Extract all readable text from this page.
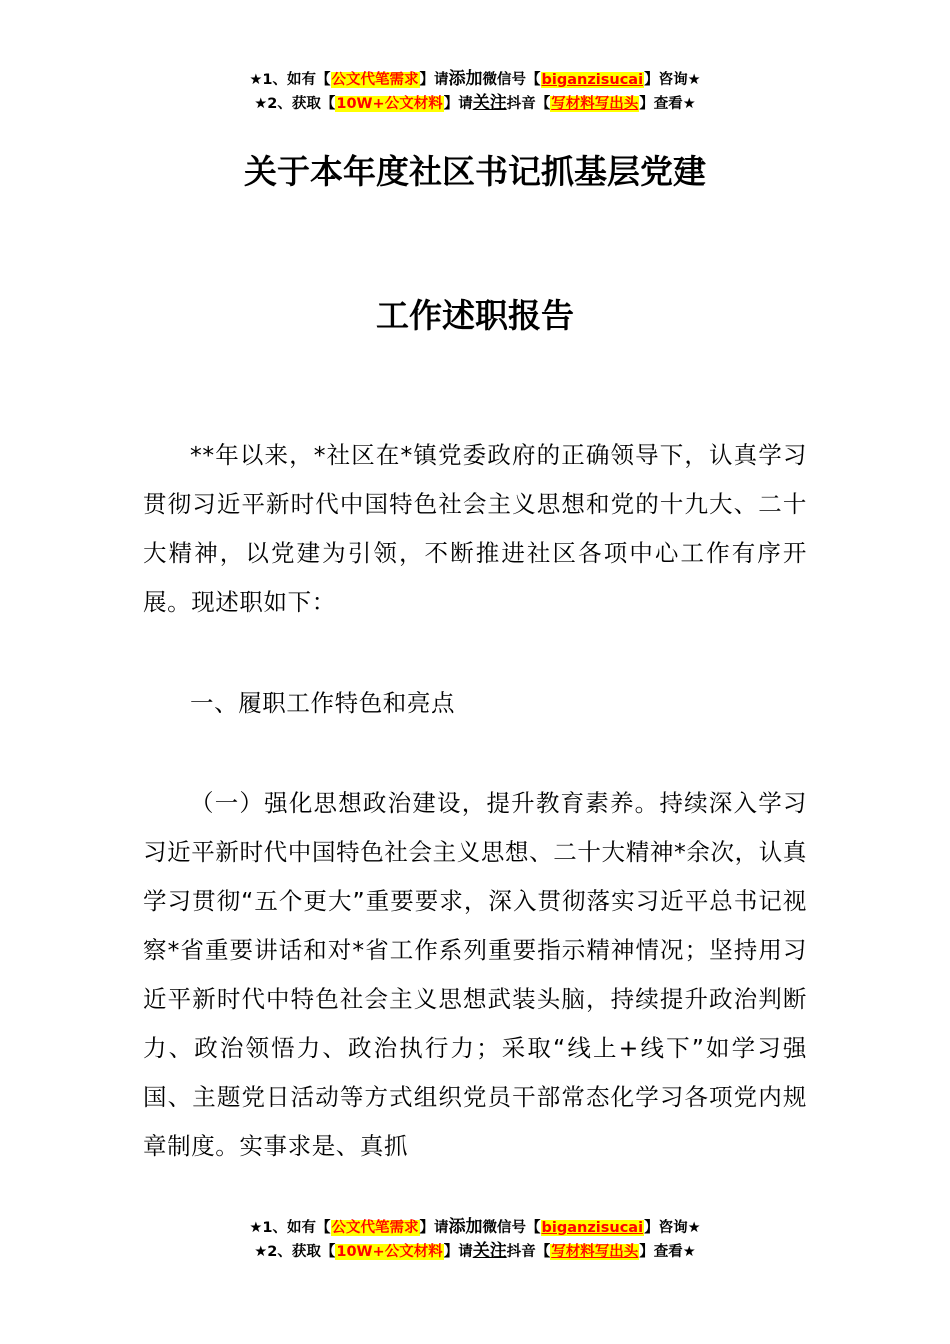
★1、如有【公文代笔需求】请添加微信号【biganzisucai】咨询★
★2、获取【10W+公文材料】请关注抖音【写材料写出头】查看★
关于本年度社区书记抓基层党建
工作述职报告

**年以来，*社区在*镇党委政府的正确领导下，认真学习贯彻习近平新时代中国特色社会主义思想和党的十九大、二十大精神，以党建为引领，不断推进社区各项中心工作有序开展。现述职如下：

一、履职工作特色和亮点

（一）强化思想政治建设，提升教育素养。持续深入学习习近平新时代中国特色社会主义思想、二十大精神*余次，认真学习贯彻“五个更大”重要要求，深入贯彻落实习近平总书记视察*省重要讲话和对*省工作系列重要指示精神情况；坚持用习近平新时代中特色社会主义思想武装头脑，持续提升政治判断力、政治领悟力、政治执行力；采取“线上+线下”如学习强国、主题党日活动等方式组织党员干部常态化学习各项党内规章制度。实事求是、真抓

★1、如有【公文代笔需求】请添加微信号【biganzisucai】咨询★
★2、获取【10W+公文材料】请关注抖音【写材料写出头】查看★
